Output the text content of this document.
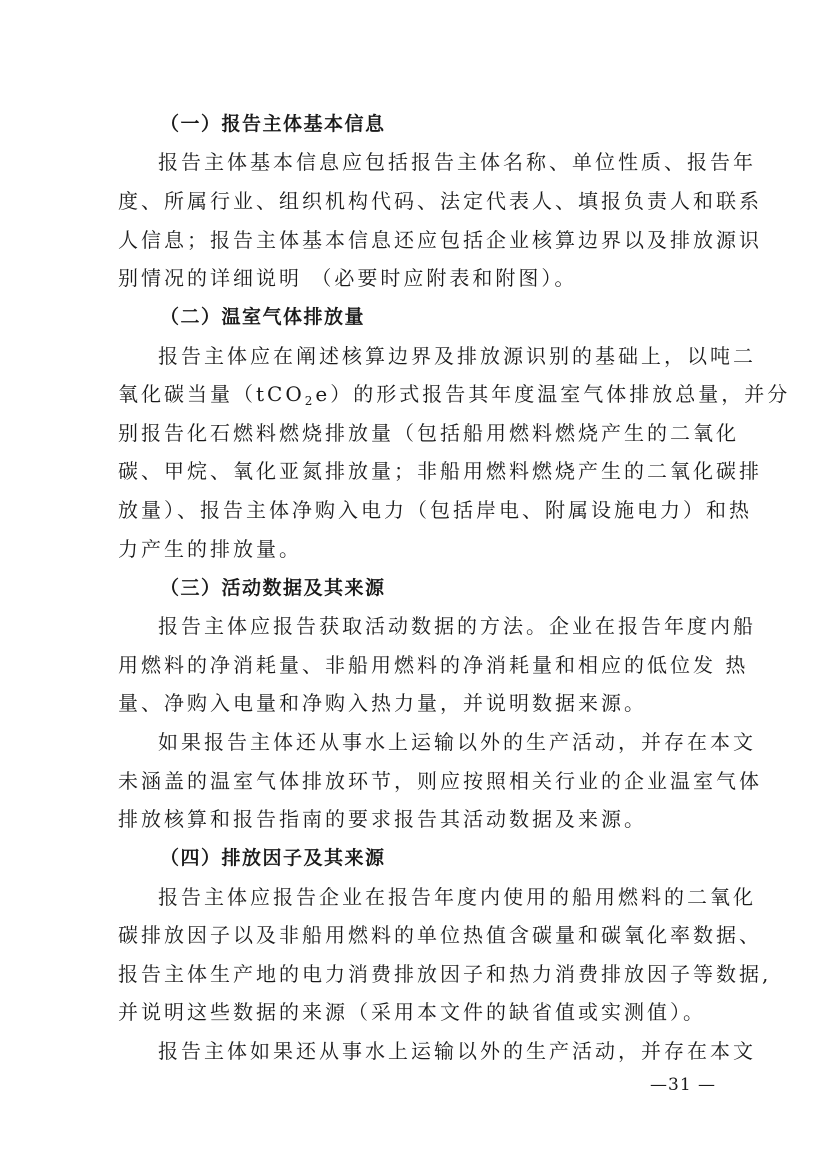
（一）报告主体基本信息
报告主体基本信息应包括报告主体名称、单位性质、报告年
度、所属行业、组织机构代码、法定代表人、填报负责人和联系
人信息；报告主体基本信息还应包括企业核算边界以及排放源识
别情况的详细说明 （必要时应附表和附图）。
（二）温室气体排放量
报告主体应在阐述核算边界及排放源识别的基础上，以吨二
氧化碳当量（tCO$_2$e）的形式报告其年度温室气体排放总量，并分
别报告化石燃料燃烧排放量（包括船用燃料燃烧产生的二氧化
碳、甲烷、氧化亚氮排放量；非船用燃料燃烧产生的二氧化碳排
放量）、报告主体净购入电力（包括岸电、附属设施电力）和热
力产生的排放量。
（三）活动数据及其来源
报告主体应报告获取活动数据的方法。企业在报告年度内船
用燃料的净消耗量、非船用燃料的净消耗量和相应的低位发 热
量、净购入电量和净购入热力量，并说明数据来源。
如果报告主体还从事水上运输以外的生产活动，并存在本文
未涵盖的温室气体排放环节，则应按照相关行业的企业温室气体
排放核算和报告指南的要求报告其活动数据及来源。
（四）排放因子及其来源
报告主体应报告企业在报告年度内使用的船用燃料的二氧化
碳排放因子以及非船用燃料的单位热值含碳量和碳氧化率数据、
报告主体生产地的电力消费排放因子和热力消费排放因子等数据,
并说明这些数据的来源（采用本文件的缺省值或实测值）。
报告主体如果还从事水上运输以外的生产活动，并存在本文
—31 —
